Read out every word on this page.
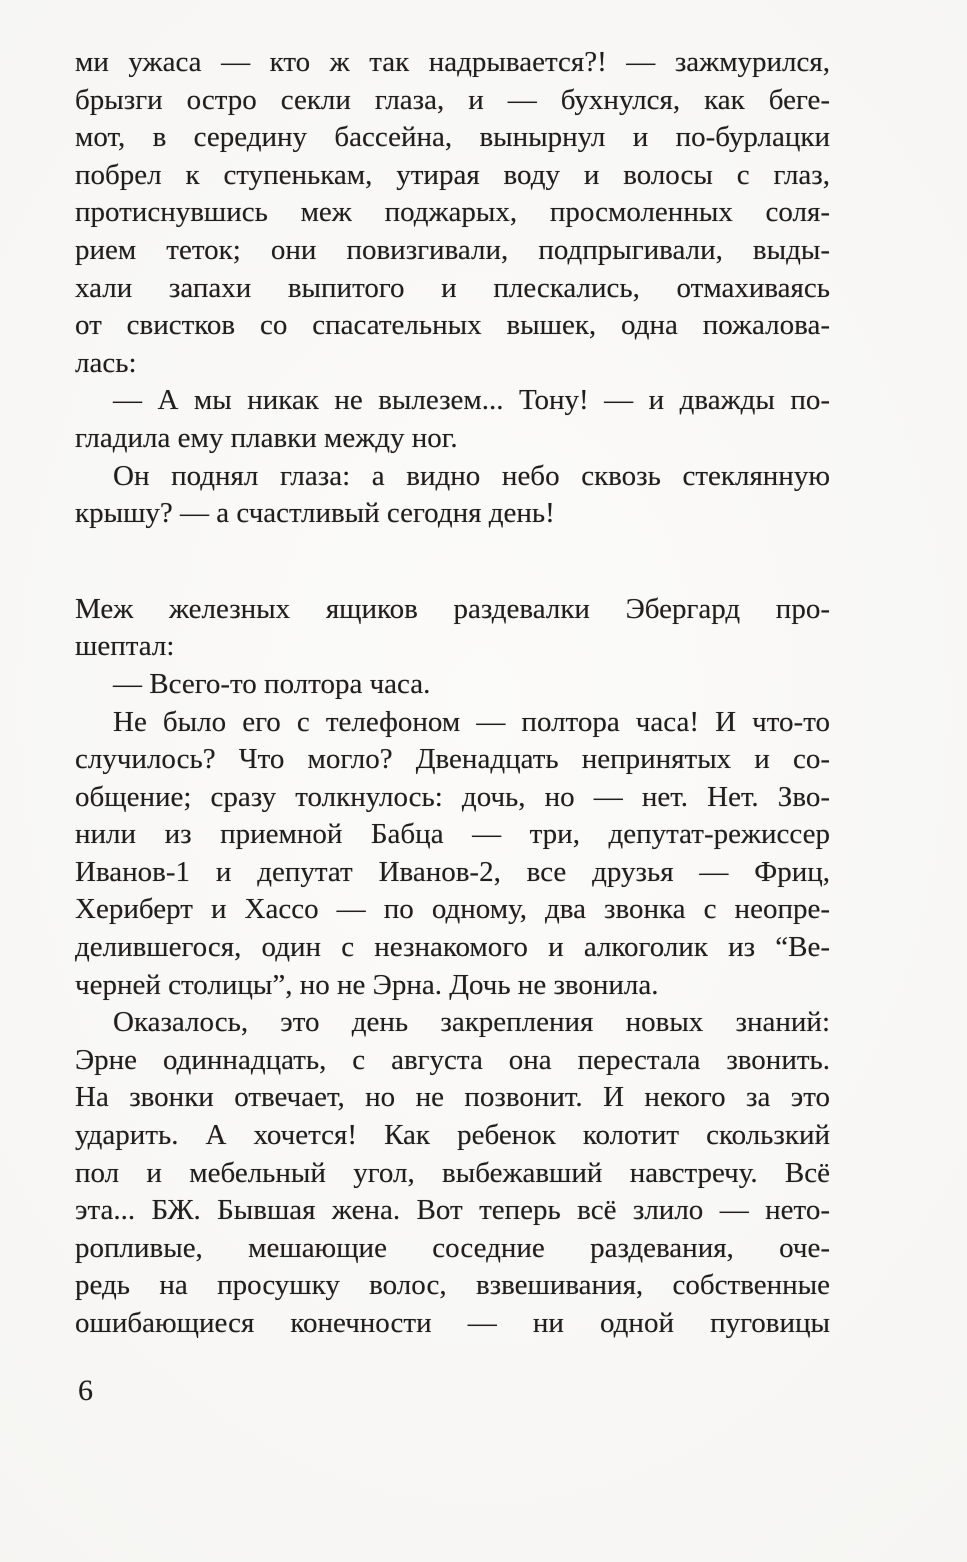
ми ужаса — кто ж так надрывается?! — зажмурился,
брызги остро секли глаза, и — бухнулся, как беге-
мот, в середину бассейна, вынырнул и по-бурлацки
побрел к ступенькам, утирая воду и волосы с глаз,
протиснувшись меж поджарых, просмоленных соля-
рием теток; они повизгивали, подпрыгивали, выды-
хали запахи выпитого и плескались, отмахиваясь
от свистков со спасательных вышек, одна пожалова-
лась:
— А мы никак не вылезем... Тону! — и дважды по-
гладила ему плавки между ног.
Он поднял глаза: а видно небо сквозь стеклянную
крышу? — а счастливый сегодня день!
Меж железных ящиков раздевалки Эбергард про-
шептал:
— Всего-то полтора часа.
Не было его с телефоном — полтора часа! И что-то
случилось? Что могло? Двенадцать непринятых и со-
общение; сразу толкнулось: дочь, но — нет. Нет. Зво-
нили из приемной Бабца — три, депутат-режиссер
Иванов-1 и депутат Иванов-2, все друзья — Фриц,
Хериберт и Хассо — по одному, два звонка с неопре-
делившегося, один с незнакомого и алкоголик из “Ве-
черней столицы”, но не Эрна. Дочь не звонила.
Оказалось, это день закрепления новых знаний:
Эрне одиннадцать, с августа она перестала звонить.
На звонки отвечает, но не позвонит. И некого за это
ударить. А хочется! Как ребенок колотит скользкий
пол и мебельный угол, выбежавший навстречу. Всё
эта... БЖ. Бывшая жена. Вот теперь всё злило — нето-
ропливые, мешающие соседние раздевания, оче-
редь на просушку волос, взвешивания, собственные
ошибающиеся конечности — ни одной пуговицы
6
